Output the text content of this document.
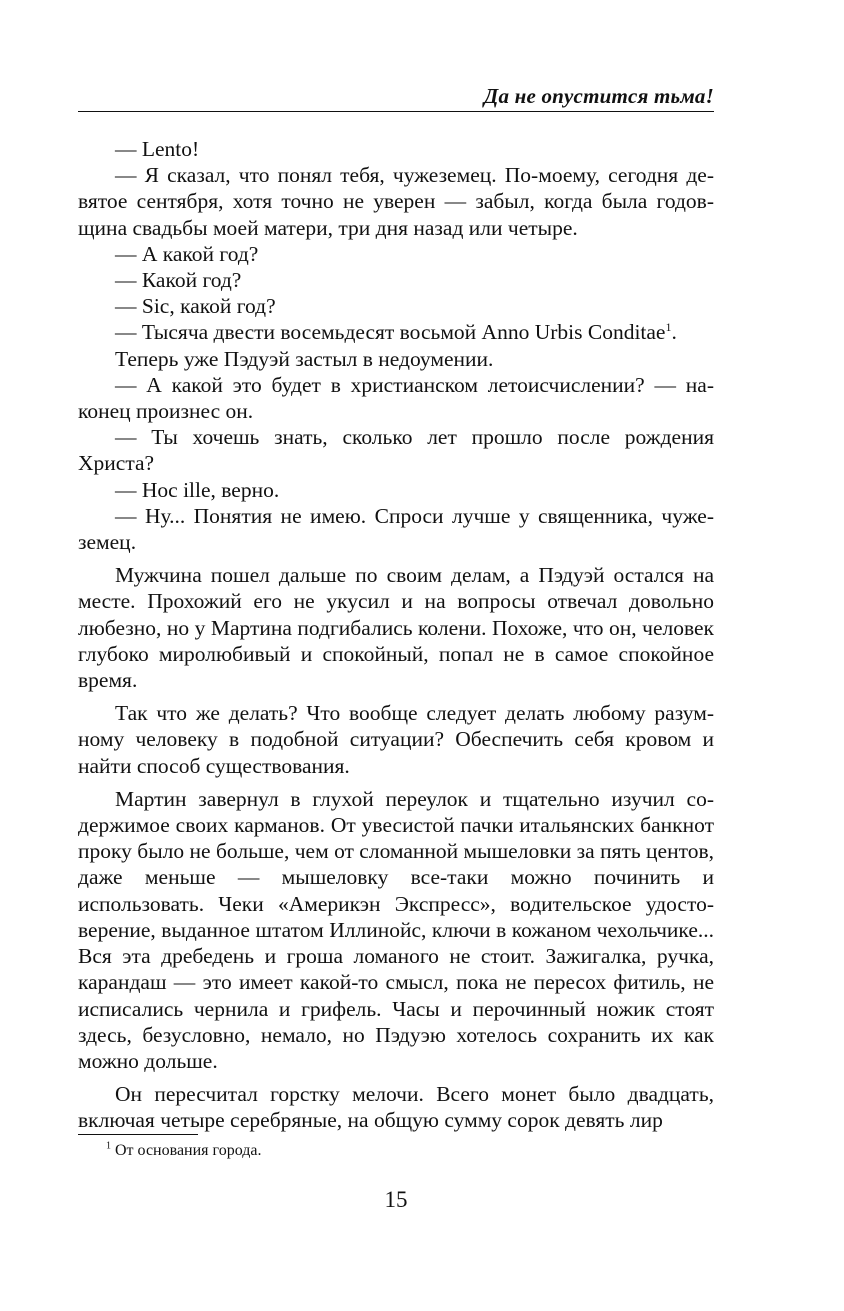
Да не опустится тьма!

— Lento!

— Я сказал, что понял тебя, чужеземец. По-моему, сегодня девятое сентября, хотя точно не уверен — забыл, когда была годовщина свадьбы моей матери, три дня назад или четыре.

— А какой год?

— Какой год?

— Sic, какой год?

— Тысяча двести восемьдесят восьмой Anno Urbis Conditae$^1$.

Теперь уже Пэдуэй застыл в недоумении.

— А какой это будет в христианском летоисчислении? — наконец произнес он.

— Ты хочешь знать, сколько лет прошло после рождения Христа?

— Hoc ille, верно.

— Ну... Понятия не имею. Спроси лучше у священника, чужеземец.

Мужчина пошел дальше по своим делам, а Пэдуэй остался на месте. Прохожий его не укусил и на вопросы отвечал довольно любезно, но у Мартина подгибались колени. Похоже, что он, человек глубоко миролюбивый и спокойный, попал не в самое спокойное время.

Так что же делать? Что вообще следует делать любому разумному человеку в подобной ситуации? Обеспечить себя кровом и найти способ существования.

Мартин завернул в глухой переулок и тщательно изучил содержимое своих карманов. От увесистой пачки итальянских банкнот проку было не больше, чем от сломанной мышеловки за пять центов, даже меньше — мышеловку все-таки можно починить и использовать. Чеки «Америкэн Экспресс», водительское удостоверение, выданное штатом Иллинойс, ключи в кожаном чехольчике... Вся эта дребедень и гроша ломаного не стоит. Зажигалка, ручка, карандаш — это имеет какой-то смысл, пока не пересох фитиль, не исписались чернила и грифель. Часы и перочинный ножик стоят здесь, безусловно, немало, но Пэдуэю хотелось сохранить их как можно дольше.

Он пересчитал горстку мелочи. Всего монет было двадцать, включая четыре серебряные, на общую сумму сорок девять лир

$^1$ От основания города.
15
